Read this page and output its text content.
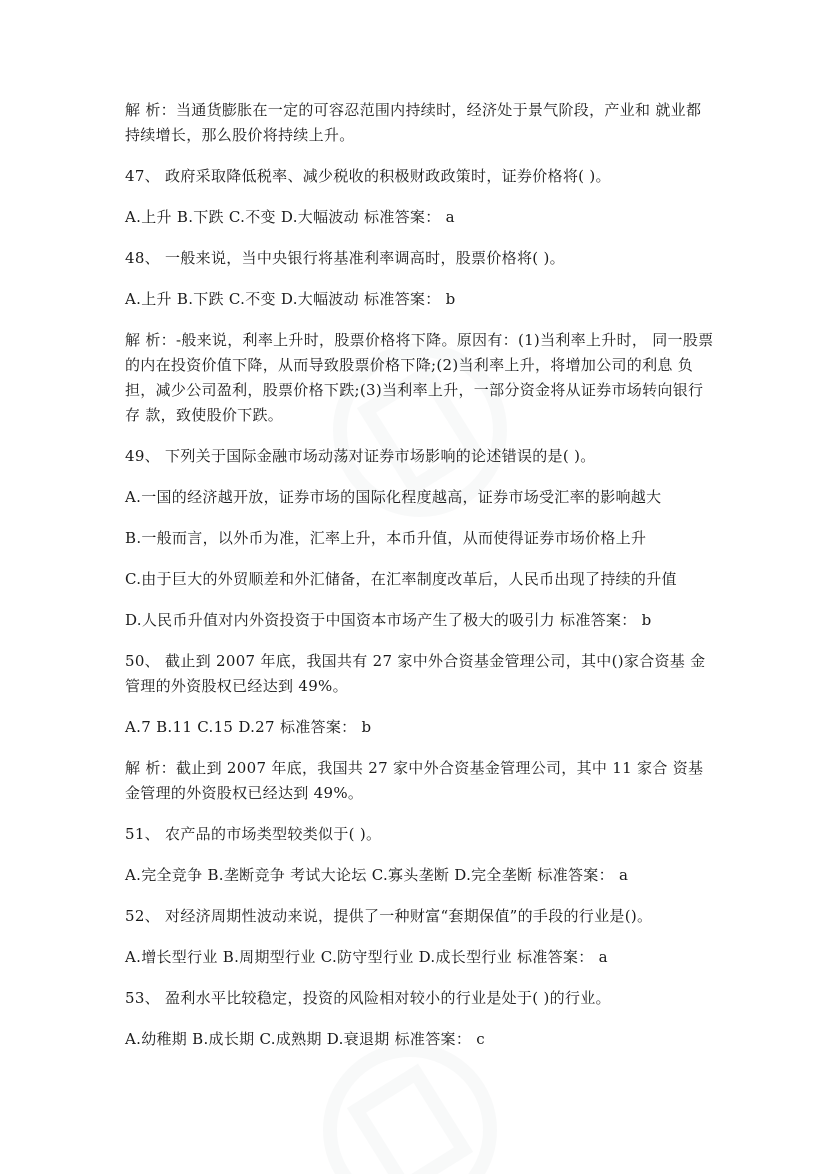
解 析：当通货膨胀在一定的可容忍范围内持续时，经济处于景气阶段，产业和 就业都持续增长，那么股价将持续上升。

47、 政府采取降低税率、减少税收的积极财政政策时，证券价格将( )。

A.上升 B.下跌 C.不变 D.大幅波动 标准答案： a

48、 一般来说，当中央银行将基准利率调高时，股票价格将( )。

A.上升 B.下跌 C.不变 D.大幅波动 标准答案： b

解 析：-般来说，利率上升时，股票价格将下降。原因有：(1)当利率上升时， 同一股票的内在投资价值下降，从而导致股票价格下降;(2)当利率上升，将增加公司的利息 负担，减少公司盈利，股票价格下跌;(3)当利率上升，一部分资金将从证券市场转向银行存 款，致使股价下跌。

49、 下列关于国际金融市场动荡对证券市场影响的论述错误的是( )。

A.一国的经济越开放，证券市场的国际化程度越高，证券市场受汇率的影响越大

B.一般而言，以外币为准，汇率上升，本币升值，从而使得证券市场价格上升

C.由于巨大的外贸顺差和外汇储备，在汇率制度改革后，人民币出现了持续的升值

D.人民币升值对内外资投资于中国资本市场产生了极大的吸引力 标准答案： b

50、 截止到 2007 年底，我国共有 27 家中外合资基金管理公司，其中()家合资基 金管理的外资股权已经达到 49%。

A.7 B.11 C.15 D.27 标准答案： b

解 析：截止到 2007 年底，我国共 27 家中外合资基金管理公司，其中 11 家合 资基金管理的外资股权已经达到 49%。

51、 农产品的市场类型较类似于( )。

A.完全竞争 B.垄断竞争 考试大论坛 C.寡头垄断 D.完全垄断 标准答案： a

52、 对经济周期性波动来说，提供了一种财富“套期保值”的手段的行业是()。

A.增长型行业 B.周期型行业 C.防守型行业 D.成长型行业 标准答案： a

53、 盈利水平比较稳定，投资的风险相对较小的行业是处于( )的行业。

A.幼稚期 B.成长期 C.成熟期 D.衰退期 标准答案： c
